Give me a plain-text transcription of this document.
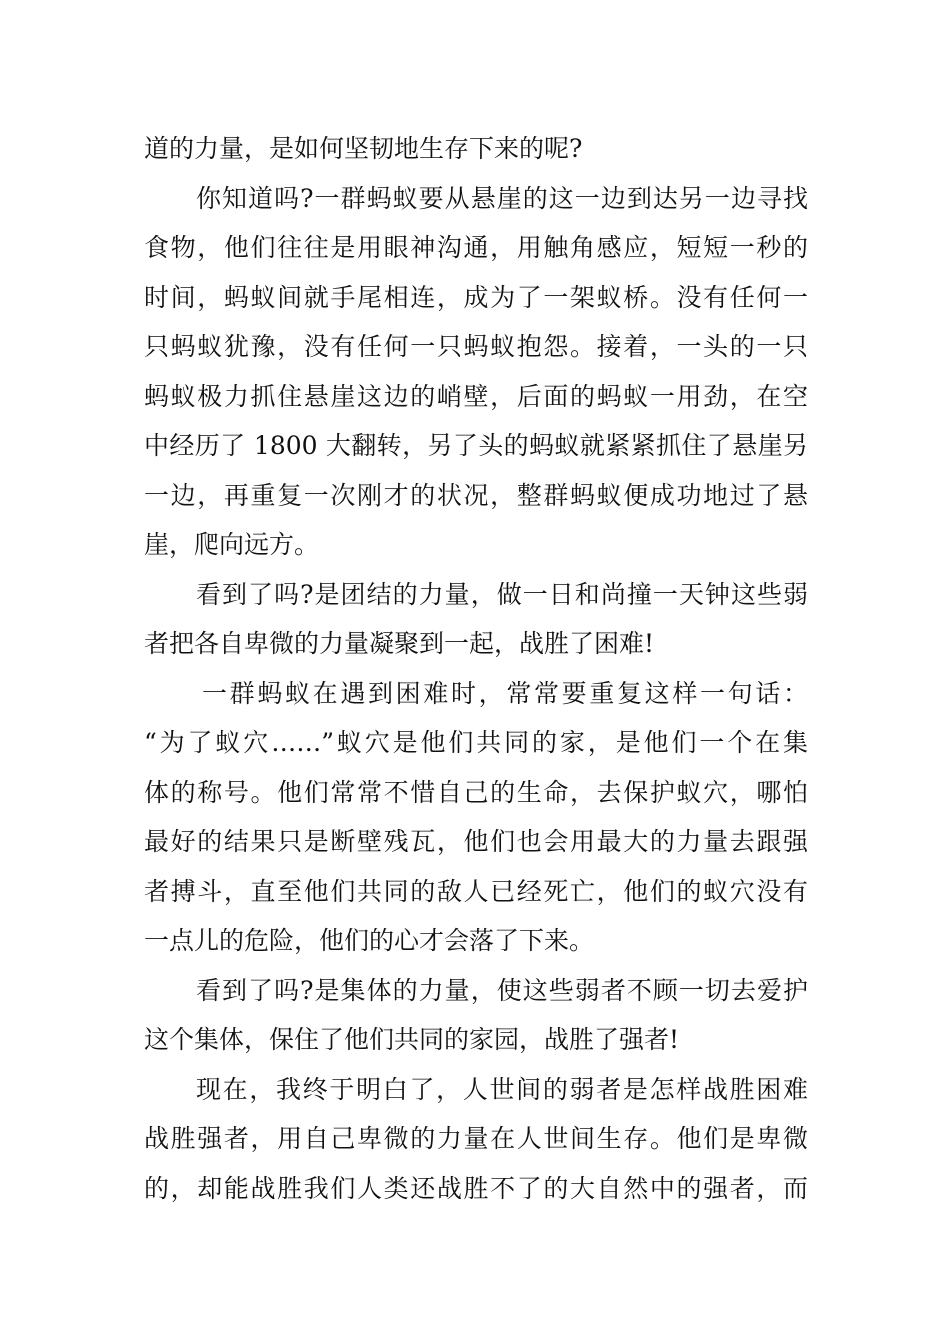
道的力量，是如何坚韧地生存下来的呢?
你知道吗?一群蚂蚁要从悬崖的这一边到达另一边寻找
食物，他们往往是用眼神沟通，用触角感应，短短一秒的
时间，蚂蚁间就手尾相连，成为了一架蚁桥。没有任何一
只蚂蚁犹豫，没有任何一只蚂蚁抱怨。接着，一头的一只
蚂蚁极力抓住悬崖这边的峭壁，后面的蚂蚁一用劲，在空
中经历了 1800 大翻转，另了头的蚂蚁就紧紧抓住了悬崖另
一边，再重复一次刚才的状况，整群蚂蚁便成功地过了悬
崖，爬向远方。
看到了吗?是团结的力量，做一日和尚撞一天钟这些弱
者把各自卑微的力量凝聚到一起，战胜了困难!
一群蚂蚁在遇到困难时，常常要重复这样一句话：
“为了蚁穴……”蚁穴是他们共同的家，是他们一个在集
体的称号。他们常常不惜自己的生命，去保护蚁穴，哪怕
最好的结果只是断壁残瓦，他们也会用最大的力量去跟强
者搏斗，直至他们共同的敌人已经死亡，他们的蚁穴没有
一点儿的危险，他们的心才会落了下来。
看到了吗?是集体的力量，使这些弱者不顾一切去爱护
这个集体，保住了他们共同的家园，战胜了强者!
现在，我终于明白了，人世间的弱者是怎样战胜困难
战胜强者，用自己卑微的力量在人世间生存。他们是卑微
的，却能战胜我们人类还战胜不了的大自然中的强者，而
